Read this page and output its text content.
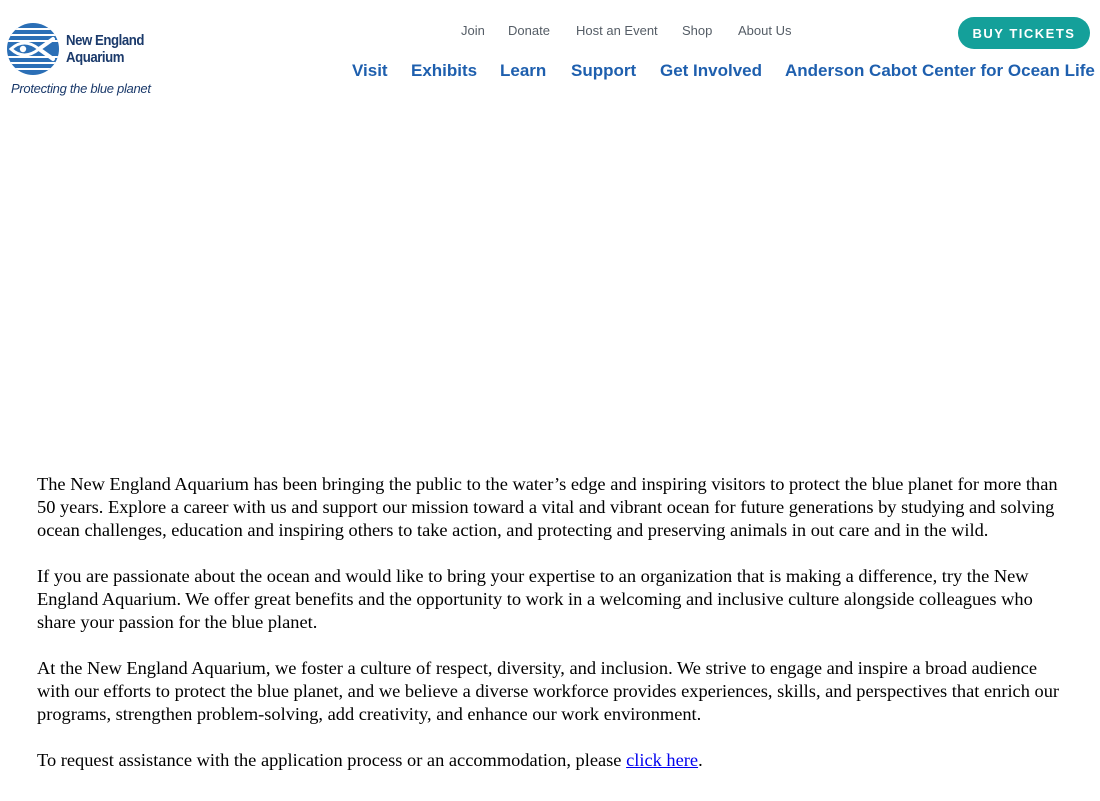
New England
Aquarium
Protecting the blue planet
Join Donate Host an Event Shop About Us	BUY TICKETS
Visit Exhibits Learn Support Get Involved Anderson Cabot Center for Ocean Life

The New England Aquarium has been bringing the public to the water’s edge and inspiring visitors to protect the blue planet for more than 50 years. Explore a career with us and support our mission toward a vital and vibrant ocean for future generations by studying and solving ocean challenges, education and inspiring others to take action, and protecting and preserving animals in out care and in the wild.

If you are passionate about the ocean and would like to bring your expertise to an organization that is making a difference, try the New England Aquarium. We offer great benefits and the opportunity to work in a welcoming and inclusive culture alongside colleagues who share your passion for the blue planet.

At the New England Aquarium, we foster a culture of respect, diversity, and inclusion. We strive to engage and inspire a broad audience with our efforts to protect the blue planet, and we believe a diverse workforce provides experiences, skills, and perspectives that enrich our programs, strengthen problem-solving, add creativity, and enhance our work environment.

To request assistance with the application process or an accommodation, please click here.
